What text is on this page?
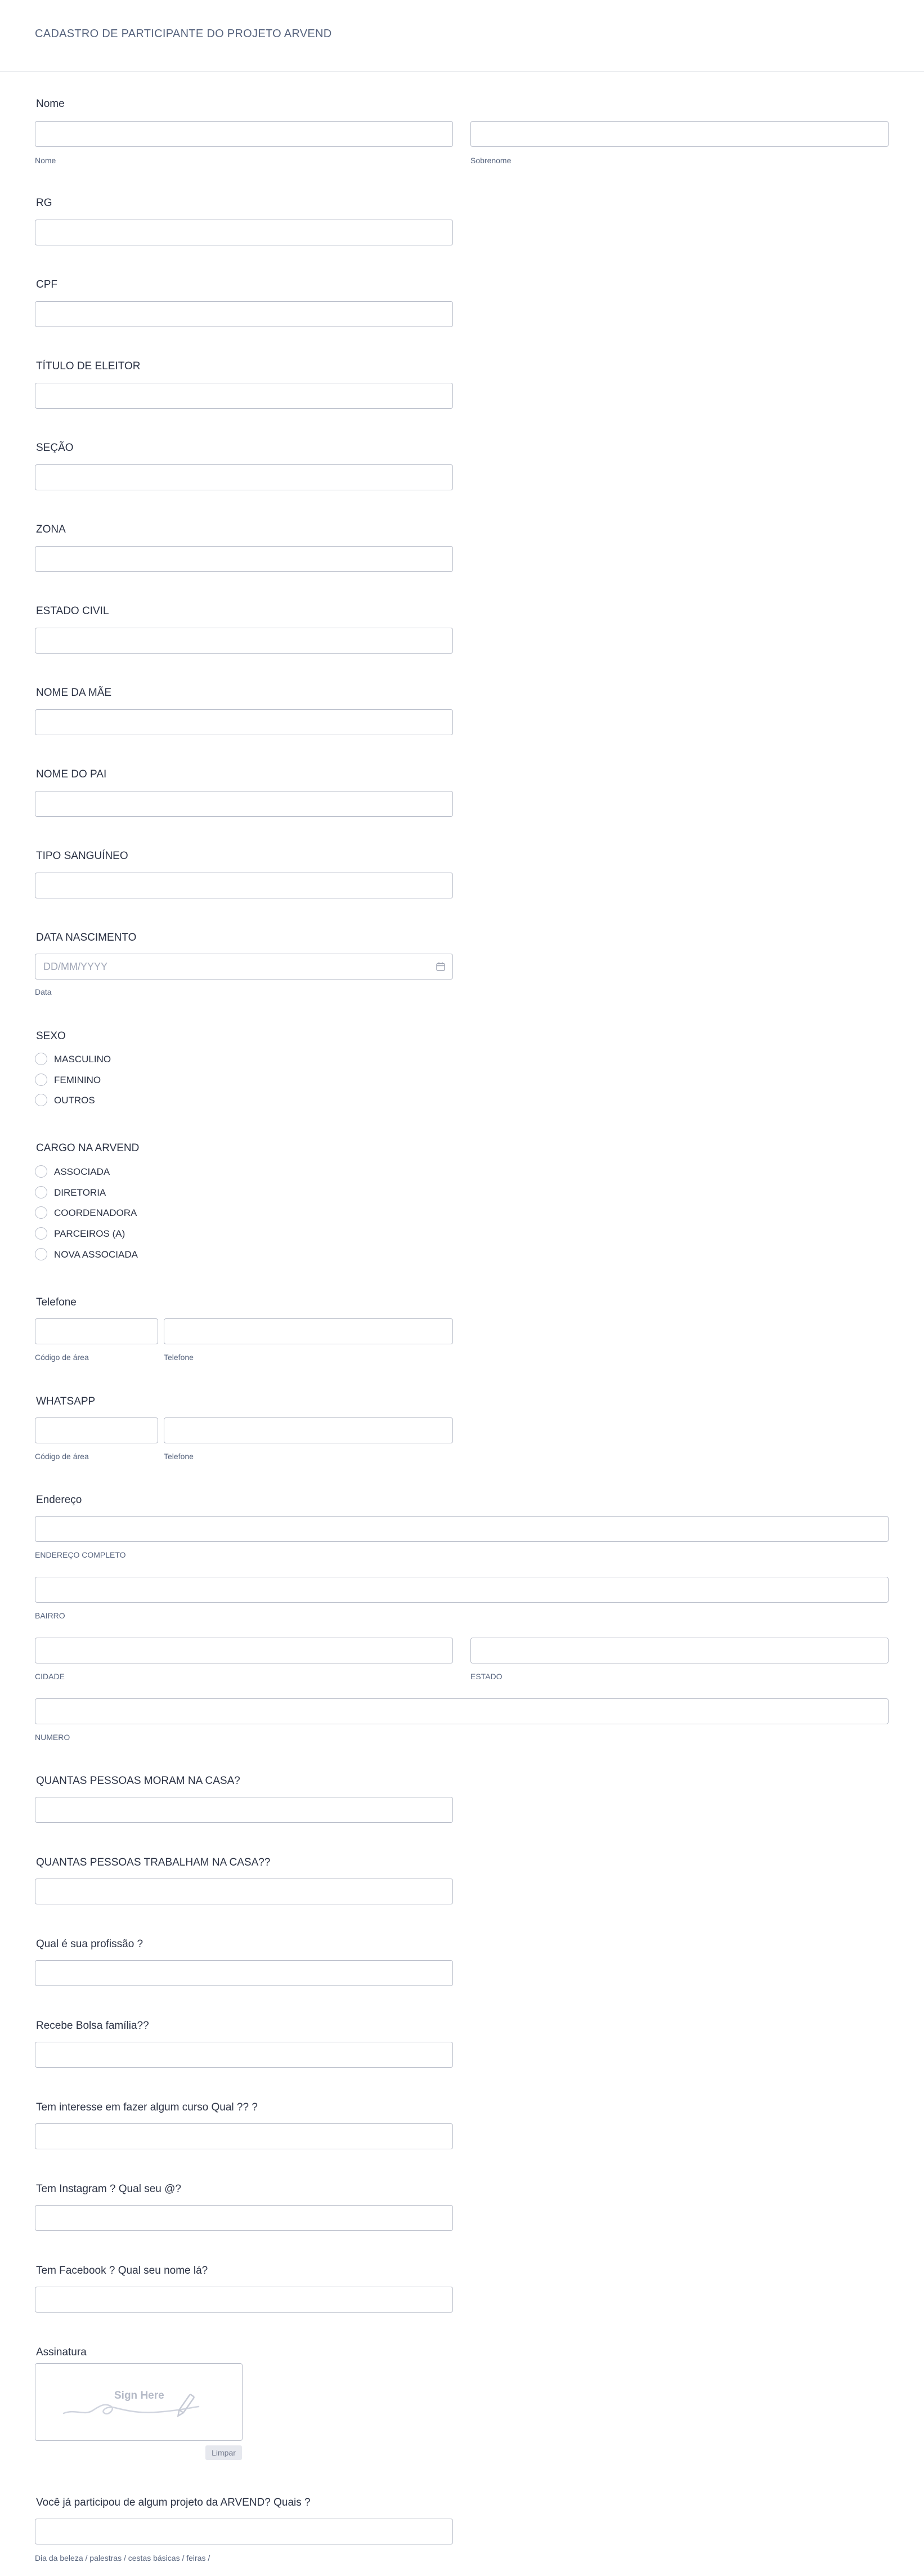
CADASTRO DE PARTICIPANTE DO PROJETO ARVEND
Nome
Nome	Sobrenome
RG
CPF
TÍTULO DE ELEITOR
SEÇÃO
ZONA
ESTADO CIVIL
NOME DA MÃE
NOME DO PAI
TIPO SANGUÍNEO
DATA NASCIMENTO
DD/MM/YYYY
Data
SEXO
MASCULINO
FEMININO
OUTROS
CARGO NA ARVEND
ASSOCIADA
DIRETORIA
COORDENADORA
PARCEIROS (A)
NOVA ASSOCIADA
Telefone
Código de área	Telefone
WHATSAPP
Código de área	Telefone
Endereço
ENDEREÇO COMPLETO
BAIRRO
CIDADE	ESTADO
NUMERO
QUANTAS PESSOAS MORAM NA CASA?
QUANTAS PESSOAS TRABALHAM NA CASA??
Qual é sua profissão ?
Recebe Bolsa família??
Tem interesse em fazer algum curso Qual ?? ?
Tem Instagram ? Qual seu @?
Tem Facebook ? Qual seu nome lá?
Assinatura
Sign Here
Limpar
Você já participou de algum projeto da ARVEND? Quais ?
Dia da beleza / palestras / cestas básicas / feiras /
